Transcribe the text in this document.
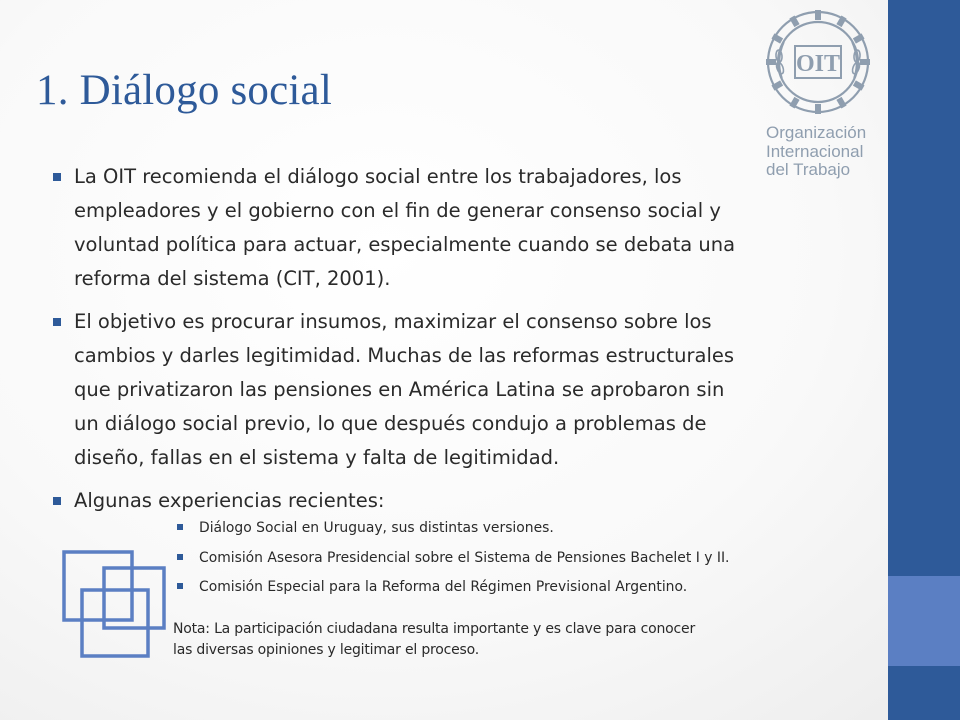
1. Diálogo social
OIT
Organización
Internacional
del Trabajo
La OIT recomienda el diálogo social entre los trabajadores, los
empleadores y el gobierno con el fin de generar consenso social y
voluntad política para actuar, especialmente cuando se debata una
reforma del sistema (CIT, 2001).
El objetivo es procurar insumos, maximizar el consenso sobre los
cambios y darles legitimidad. Muchas de las reformas estructurales
que privatizaron las pensiones en América Latina se aprobaron sin
un diálogo social previo, lo que después condujo a problemas de
diseño, fallas en el sistema y falta de legitimidad.
Algunas experiencias recientes:
Diálogo Social en Uruguay, sus distintas versiones.
Comisión Asesora Presidencial sobre el Sistema de Pensiones Bachelet I y II.
Comisión Especial para la Reforma del Régimen Previsional Argentino.
Nota: La participación ciudadana resulta importante y es clave para conocer
las diversas opiniones y legitimar el proceso.
